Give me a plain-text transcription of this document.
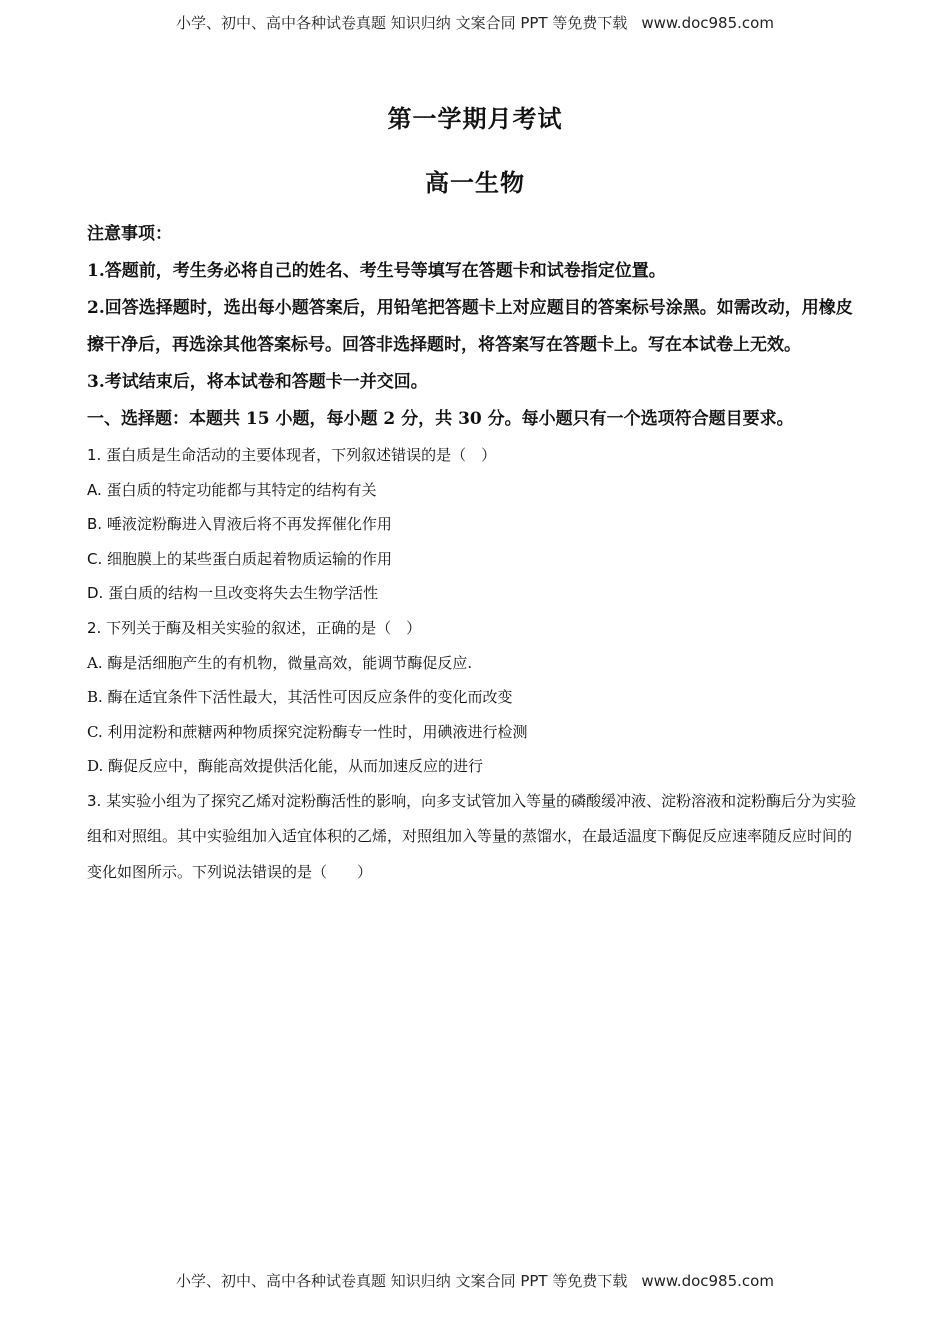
小学、初中、高中各种试卷真题 知识归纳 文案合同 PPT 等免费下载 www.doc985.com
第一学期月考试
高一生物

注意事项：

1.答题前，考生务必将自己的姓名、考生号等填写在答题卡和试卷指定位置。

2.回答选择题时，选出每小题答案后，用铅笔把答题卡上对应题目的答案标号涂黑。如需改动，用橡皮擦干净后，再选涂其他答案标号。回答非选择题时，将答案写在答题卡上。写在本试卷上无效。

3.考试结束后，将本试卷和答题卡一并交回。

一、选择题：本题共 15 小题，每小题 2 分，共 30 分。每小题只有一个选项符合题目要求。

1. 蛋白质是生命活动的主要体现者，下列叙述错误的是（　）

A. 蛋白质的特定功能都与其特定的结构有关

B. 唾液淀粉酶进入胃液后将不再发挥催化作用

C. 细胞膜上的某些蛋白质起着物质运输的作用

D. 蛋白质的结构一旦改变将失去生物学活性

2. 下列关于酶及相关实验的叙述，正确的是（　）

A. 酶是活细胞产生的有机物，微量高效，能调节酶促反应.

B. 酶在适宜条件下活性最大，其活性可因反应条件的变化而改变

C. 利用淀粉和蔗糖两种物质探究淀粉酶专一性时，用碘液进行检测

D. 酶促反应中，酶能高效提供活化能，从而加速反应的进行

3. 某实验小组为了探究乙烯对淀粉酶活性的影响，向多支试管加入等量的磷酸缓冲液、淀粉溶液和淀粉酶后分为实验组和对照组。其中实验组加入适宜体积的乙烯，对照组加入等量的蒸馏水，在最适温度下酶促反应速率随反应时间的变化如图所示。下列说法错误的是（　　）

小学、初中、高中各种试卷真题 知识归纳 文案合同 PPT 等免费下载 www.doc985.com
